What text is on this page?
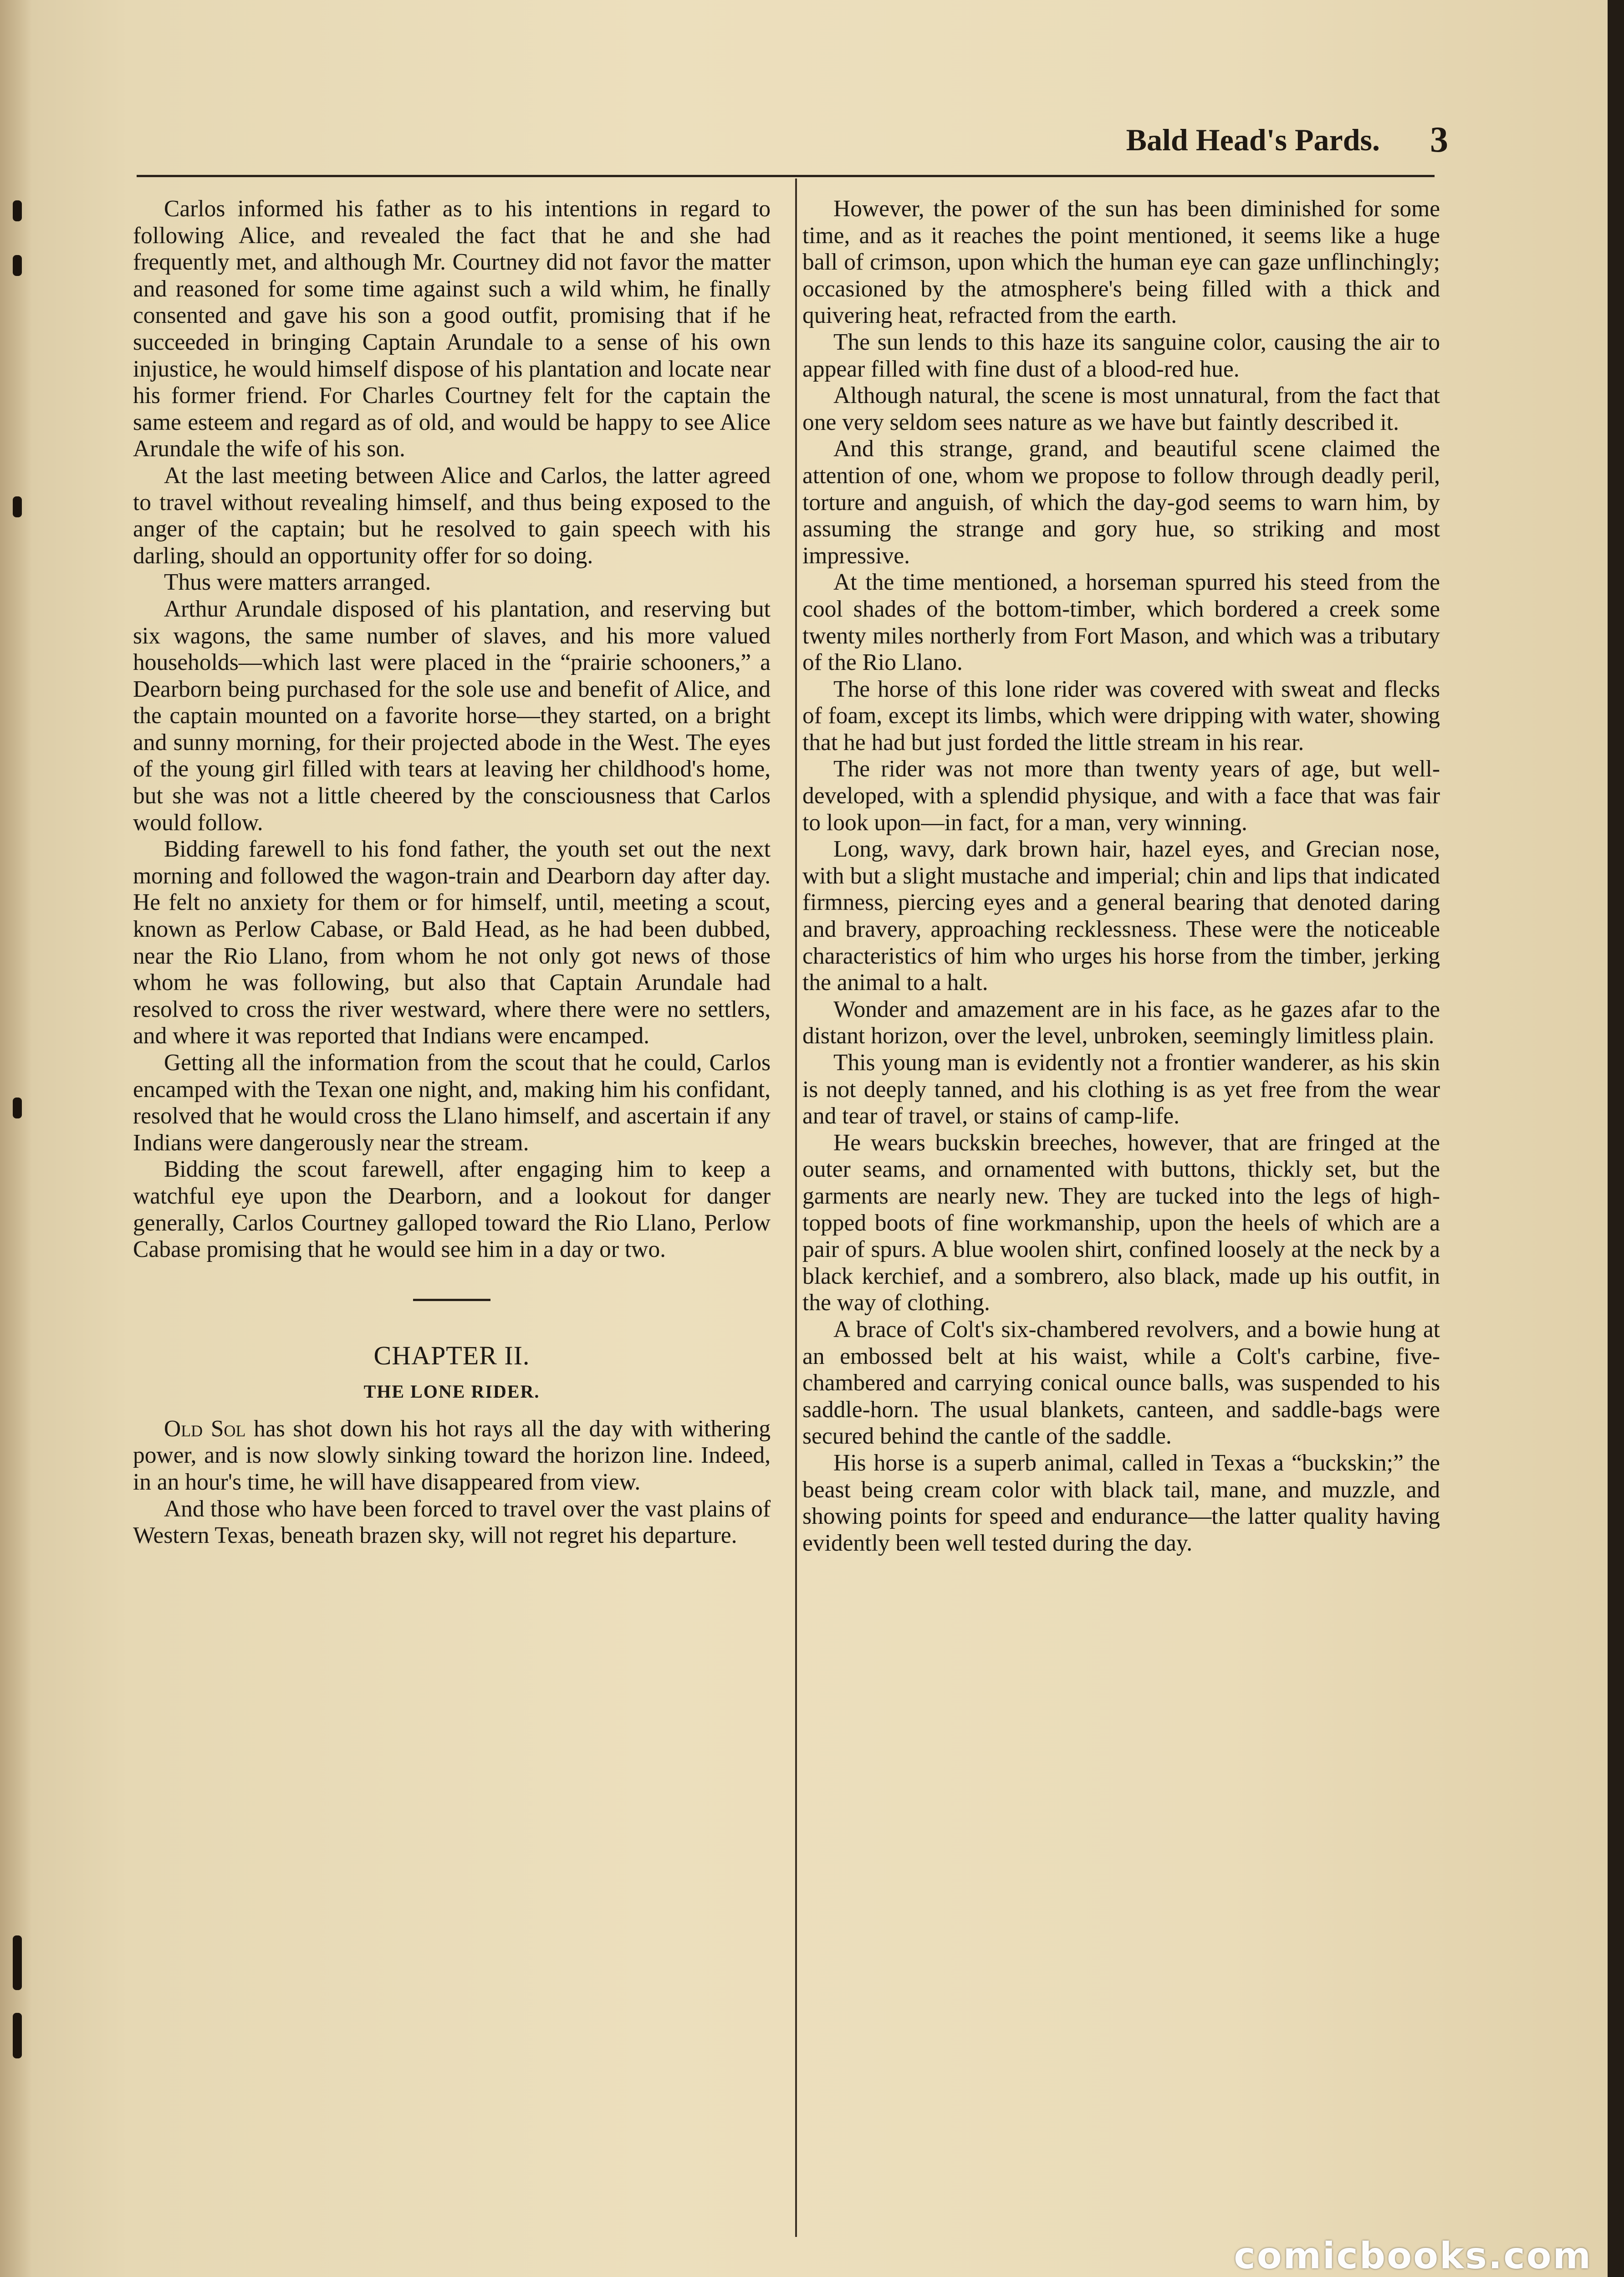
Bald Head's Pards. 3

Carlos informed his father as to his intentions in regard to following Alice, and revealed the fact that he and she had frequently met, and although Mr. Courtney did not favor the matter and reasoned for some time against such a wild whim, he finally consented and gave his son a good outfit, promising that if he succeeded in bringing Captain Arundale to a sense of his own injustice, he would himself dispose of his plantation and locate near his former friend. For Charles Courtney felt for the captain the same esteem and regard as of old, and would be happy to see Alice Arundale the wife of his son.

At the last meeting between Alice and Carlos, the latter agreed to travel without revealing himself, and thus being exposed to the anger of the captain; but he resolved to gain speech with his darling, should an opportunity offer for so doing.

Thus were matters arranged.

Arthur Arundale disposed of his plantation, and reserving but six wagons, the same number of slaves, and his more valued households—which last were placed in the “prairie schooners,” a Dearborn being purchased for the sole use and benefit of Alice, and the captain mounted on a favorite horse—they started, on a bright and sunny morning, for their projected abode in the West. The eyes of the young girl filled with tears at leaving her childhood's home, but she was not a little cheered by the consciousness that Carlos would follow.

Bidding farewell to his fond father, the youth set out the next morning and followed the wagon-train and Dearborn day after day. He felt no anxiety for them or for himself, until, meeting a scout, known as Perlow Cabase, or Bald Head, as he had been dubbed, near the Rio Llano, from whom he not only got news of those whom he was following, but also that Captain Arundale had resolved to cross the river westward, where there were no settlers, and where it was reported that Indians were encamped.

Getting all the information from the scout that he could, Carlos encamped with the Texan one night, and, making him his confidant, resolved that he would cross the Llano himself, and ascertain if any Indians were dangerously near the stream.

Bidding the scout farewell, after engaging him to keep a watchful eye upon the Dearborn, and a lookout for danger generally, Carlos Courtney galloped toward the Rio Llano, Perlow Cabase promising that he would see him in a day or two.

CHAPTER II.
THE LONE RIDER.

Old Sol has shot down his hot rays all the day with withering power, and is now slowly sinking toward the horizon line. Indeed, in an hour's time, he will have disappeared from view.

And those who have been forced to travel over the vast plains of Western Texas, beneath brazen sky, will not regret his departure.

However, the power of the sun has been diminished for some time, and as it reaches the point mentioned, it seems like a huge ball of crimson, upon which the human eye can gaze unflinchingly; occasioned by the atmosphere's being filled with a thick and quivering heat, refracted from the earth.

The sun lends to this haze its sanguine color, causing the air to appear filled with fine dust of a blood-red hue.

Although natural, the scene is most unnatural, from the fact that one very seldom sees nature as we have but faintly described it.

And this strange, grand, and beautiful scene claimed the attention of one, whom we propose to follow through deadly peril, torture and anguish, of which the day-god seems to warn him, by assuming the strange and gory hue, so striking and most impressive.

At the time mentioned, a horseman spurred his steed from the cool shades of the bottom-timber, which bordered a creek some twenty miles northerly from Fort Mason, and which was a tributary of the Rio Llano.

The horse of this lone rider was covered with sweat and flecks of foam, except its limbs, which were dripping with water, showing that he had but just forded the little stream in his rear.

The rider was not more than twenty years of age, but well-developed, with a splendid physique, and with a face that was fair to look upon—in fact, for a man, very winning.

Long, wavy, dark brown hair, hazel eyes, and Grecian nose, with but a slight mustache and imperial; chin and lips that indicated firmness, piercing eyes and a general bearing that denoted daring and bravery, approaching recklessness. These were the noticeable characteristics of him who urges his horse from the timber, jerking the animal to a halt.

Wonder and amazement are in his face, as he gazes afar to the distant horizon, over the level, unbroken, seemingly limitless plain.

This young man is evidently not a frontier wanderer, as his skin is not deeply tanned, and his clothing is as yet free from the wear and tear of travel, or stains of camp-life.

He wears buckskin breeches, however, that are fringed at the outer seams, and ornamented with buttons, thickly set, but the garments are nearly new. They are tucked into the legs of high-topped boots of fine workmanship, upon the heels of which are a pair of spurs. A blue woolen shirt, confined loosely at the neck by a black kerchief, and a sombrero, also black, made up his outfit, in the way of clothing.

A brace of Colt's six-chambered revolvers, and a bowie hung at an embossed belt at his waist, while a Colt's carbine, five-chambered and carrying conical ounce balls, was suspended to his saddle-horn. The usual blankets, canteen, and saddle-bags were secured behind the cantle of the saddle.

His horse is a superb animal, called in Texas a “buckskin;” the beast being cream color with black tail, mane, and muzzle, and showing points for speed and endurance—the latter quality having evidently been well tested during the day.

comicbooks.com
